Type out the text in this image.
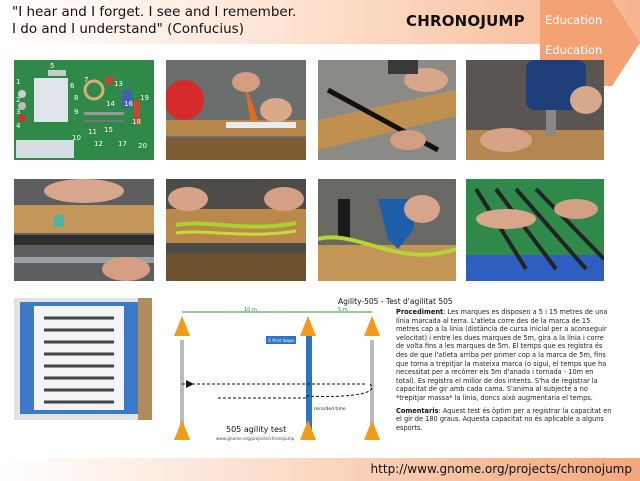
"I hear and I forget. I see and I remember.
I do and I understand" (Confucius)	CHRONOJUMP Education
Education
5
6
7
8
9
10
11
12
13
14
15
16
17
18
19
20
1
2
3
4
Agility-505 - Test d'agilitat 505
10 m	5 m
5 first loops
recorded time
505 agility test
www.gnome.org/projects/chronojump

Procediment: Les marques es disposen a 5 i 15 metres de una línia marcada al terra. L'atleta corre des de la marca de 15 metres cap a la línia (distància de cursa inicial per a aconseguir velocitat) i entre les dues marques de 5m, gira a la línia i corre de volta fins a les marques de 5m. El temps que es registra és des de que l'atleta arriba per primer cop a la marca de 5m, fins que torna a trepitjar la mateixa marca (o sigui, el temps que ha necessitat per a recórrer els 5m d'anada i tornada - 10m en total). Es registra el millor de dos intents. S'ha de registrar la capacitat de gir amb cada cama. S'anima al subjecte a no *trepitjar massa* la línia, doncs això augmentaria el temps.

Comentaris: Aquest test és òptim per a registrar la capacitat en el gir de 180 graus. Aquesta capacitat no és aplicable a alguns esports.

http://www.gnome.org/projects/chronojump
